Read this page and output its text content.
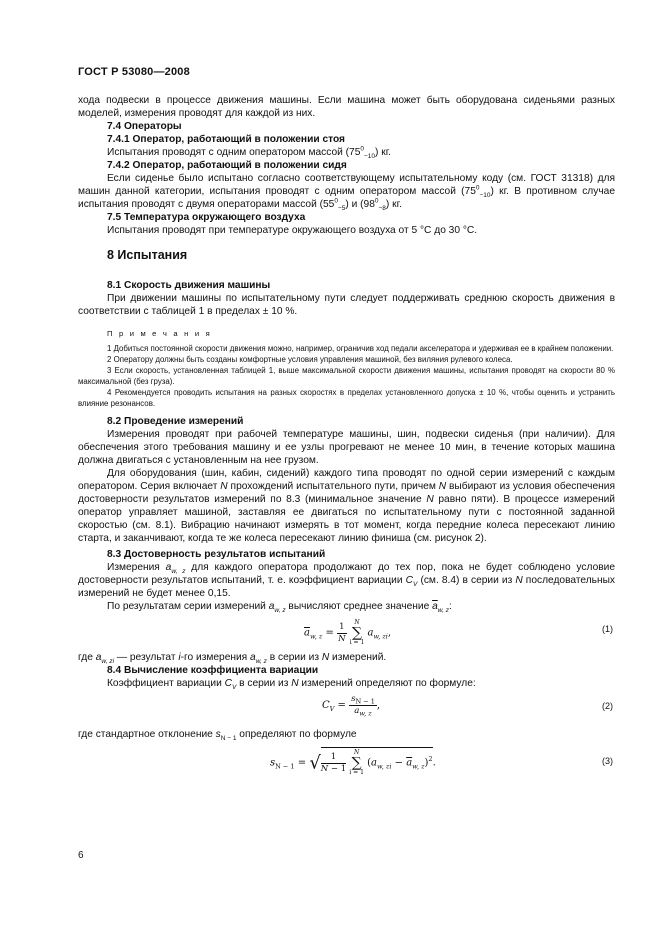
ГОСТ Р 53080—2008

хода подвески в процессе движения машины. Если машина может быть оборудована сиденьями разных моделей, измерения проводят для каждой из них.

7.4 Операторы

7.4.1 Оператор, работающий в положении стоя

Испытания проводят с одним оператором массой $(75^0_{-10})$ кг.

7.4.2 Оператор, работающий в положении сидя

Если сиденье было испытано согласно соответствующему испытательному коду (см. ГОСТ 31318) для машин данной категории, испытания проводят с одним оператором массой $(75^0_{-10})$ кг. В противном случае испытания проводят с двумя операторами массой $(55^0_{-5})$ и $(98^0_{-8})$ кг.

7.5 Температура окружающего воздуха

Испытания проводят при температуре окружающего воздуха от 5 °С до 30 °С.

8 Испытания

8.1 Скорость движения машины

При движении машины по испытательному пути следует поддерживать среднюю скорость движения в соответствии с таблицей 1 в пределах ± 10 %.

П р и м е ч а н и я

1 Добиться постоянной скорости движения можно, например, ограничив ход педали акселератора и удерживая ее в крайнем положении.

2 Оператору должны быть созданы комфортные условия управления машиной, без виляния рулевого колеса.

3 Если скорость, установленная таблицей 1, выше максимальной скорости движения машины, испытания проводят на скорости 80 % максимальной (без груза).

4 Рекомендуется проводить испытания на разных скоростях в пределах установленного допуска ± 10 %, чтобы оценить и устранить влияние резонансов.

8.2 Проведение измерений

Измерения проводят при рабочей температуре машины, шин, подвески сиденья (при наличии). Для обеспечения этого требования машину и ее узлы прогревают не менее 10 мин, в течение которых машина должна двигаться с установленным на нее грузом.

Для оборудования (шин, кабин, сидений) каждого типа проводят по одной серии измерений с каждым оператором. Серия включает N прохождений испытательного пути, причем N выбирают из условия обеспечения достоверности результатов измерений по 8.3 (минимальное значение N равно пяти). В процессе измерений оператор управляет машиной, заставляя ее двигаться по испытательному пути с постоянной заданной скоростью (см. 8.1). Вибрацию начинают измерять в тот момент, когда передние колеса пересекают линию старта, и заканчивают, когда те же колеса пересекают линию финиша (см. рисунок 2).

8.3 Достоверность результатов испытаний

Измерения $a_{w, z}$ для каждого оператора продолжают до тех пор, пока не будет соблюдено условие достоверности результатов испытаний, т. е. коэффициент вариации $C_V$ (см. 8.4) в серии из N последовательных измерений не будет менее 0,15.

По результатам серии измерений $a_{w, z}$ вычисляют среднее значение $\overline{a}_{w, z}$:

$\overline{a}_{w, z} = \frac{1}{N}$
	N
∑
i = 1
$a_{w, zi}$,	(1)

где $a_{w, zi}$ — результат i-го измерения $a_{w, z}$ в серии из N измерений.

8.4 Вычисление коэффициента вариации

Коэффициент вариации $C_V$ в серии из N измерений определяют по формуле:

$C_V = \frac{s_{N - 1}}{\overline{a}_{w, z}}$ ,	(2)

где стандартное отклонение $s_{N - 1}$ определяют по формуле

$s_{N - 1}$ = √ $\frac{1}{N - 1}$
	N
∑
i = 1
$(a_{w, zi} - \overline{a}_{w, z})^2$.	(3)
6
